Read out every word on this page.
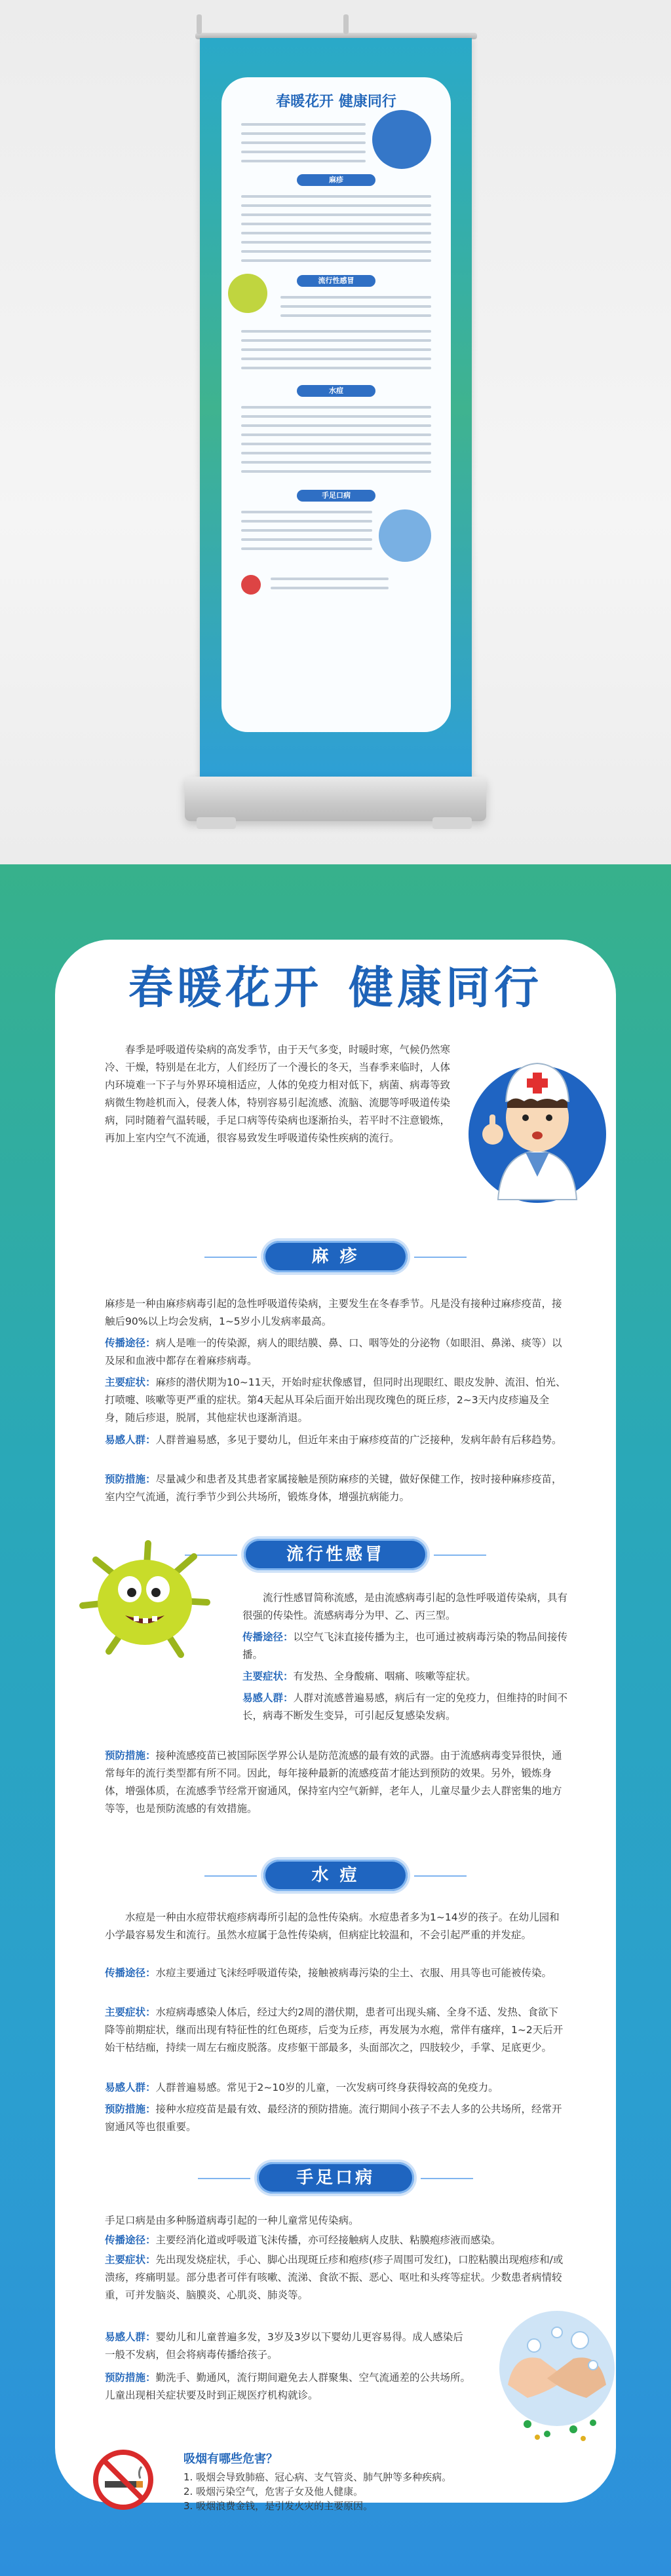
春暖花开 健康同行
麻疹
流行性感冒
水痘
手足口病
春暖花开 健康同行

春季是呼吸道传染病的高发季节，由于天气多变，时暖时寒，气候仍然寒冷、干燥，特别是在北方，人们经历了一个漫长的冬天，当春季来临时，人体内环境难一下子与外界环境相适应，人体的免疫力相对低下，病菌、病毒等致病微生物趁机而入，侵袭人体，特别容易引起流感、流脑、流腮等呼吸道传染病，同时随着气温转暖，手足口病等传染病也逐渐抬头，若平时不注意锻炼，再加上室内空气不流通，很容易致发生呼吸道传染性疾病的流行。

麻 疹

麻疹是一种由麻疹病毒引起的急性呼吸道传染病，主要发生在冬春季节。凡是没有接种过麻疹疫苗，接触后90%以上均会发病，1~5岁小儿发病率最高。

传播途径：病人是唯一的传染源，病人的眼结膜、鼻、口、咽等处的分泌物（如眼泪、鼻涕、痰等）以及尿和血液中都存在着麻疹病毒。

主要症状：麻疹的潜伏期为10~11天，开始时症状像感冒，但同时出现眼红、眼皮发肿、流泪、怕光、打喷嚏、咳嗽等更严重的症状。第4天起从耳朵后面开始出现玫瑰色的斑丘疹，2~3天内皮疹遍及全身，随后疹退，脱屑，其他症状也逐渐消退。

易感人群：人群普遍易感，多见于婴幼儿，但近年来由于麻疹疫苗的广泛接种，发病年龄有后移趋势。

预防措施：尽量减少和患者及其患者家属接触是预防麻疹的关键，做好保健工作，按时接种麻疹疫苗，室内空气流通，流行季节少到公共场所，锻炼身体，增强抗病能力。

流行性感冒

流行性感冒简称流感，是由流感病毒引起的急性呼吸道传染病，具有很强的传染性。流感病毒分为甲、乙、丙三型。

传播途径：以空气飞沫直接传播为主，也可通过被病毒污染的物品间接传播。

主要症状：有发热、全身酸痛、咽痛、咳嗽等症状。

易感人群：人群对流感普遍易感，病后有一定的免疫力，但维持的时间不长，病毒不断发生变异，可引起反复感染发病。

预防措施：接种流感疫苗已被国际医学界公认是防范流感的最有效的武器。由于流感病毒变异很快，通常每年的流行类型都有所不同。因此，每年接种最新的流感疫苗才能达到预防的效果。另外，锻炼身体，增强体质，在流感季节经常开窗通风，保持室内空气新鲜，老年人，儿童尽量少去人群密集的地方等等，也是预防流感的有效措施。

水 痘

水痘是一种由水痘带状疱疹病毒所引起的急性传染病。水痘患者多为1~14岁的孩子。在幼儿园和小学最容易发生和流行。虽然水痘属于急性传染病，但病症比较温和，不会引起严重的并发症。

传播途径：水痘主要通过飞沫经呼吸道传染，接触被病毒污染的尘土、衣服、用具等也可能被传染。

主要症状：水痘病毒感染人体后，经过大约2周的潜伏期，患者可出现头痛、全身不适、发热、食欲下降等前期症状，继而出现有特征性的红色斑疹，后变为丘疹，再发展为水疱，常伴有瘙痒，1~2天后开始干枯结痂，持续一周左右痂皮脱落。皮疹躯干部最多，头面部次之，四肢较少，手掌、足底更少。

易感人群：人群普遍易感。常见于2~10岁的儿童，一次发病可终身获得较高的免疫力。

预防措施：接种水痘疫苗是最有效、最经济的预防措施。流行期间小孩子不去人多的公共场所，经常开窗通风等也很重要。

手足口病

手足口病是由多种肠道病毒引起的一种儿童常见传染病。

传播途径：主要经消化道或呼吸道飞沫传播，亦可经接触病人皮肤、粘膜疱疹液而感染。

主要症状：先出现发烧症状，手心、脚心出现斑丘疹和疱疹(疹子周围可发红)，口腔粘膜出现疱疹和/或溃疡，疼痛明显。部分患者可伴有咳嗽、流涕、食欲不振、恶心、呕吐和头疼等症状。少数患者病情较重，可并发脑炎、脑膜炎、心肌炎、肺炎等。

易感人群：婴幼儿和儿童普遍多发，3岁及3岁以下婴幼儿更容易得。成人感染后一般不发病，但会将病毒传播给孩子。

预防措施：勤洗手、勤通风，流行期间避免去人群聚集、空气流通差的公共场所。儿童出现相关症状要及时到正规医疗机构就诊。

吸烟有哪些危害？
1. 吸烟会导致肺癌、冠心病、支气管炎、肺气肿等多种疾病。
2. 吸烟污染空气，危害子女及他人健康。
3. 吸烟浪费金钱，是引发火灾的主要原因。
